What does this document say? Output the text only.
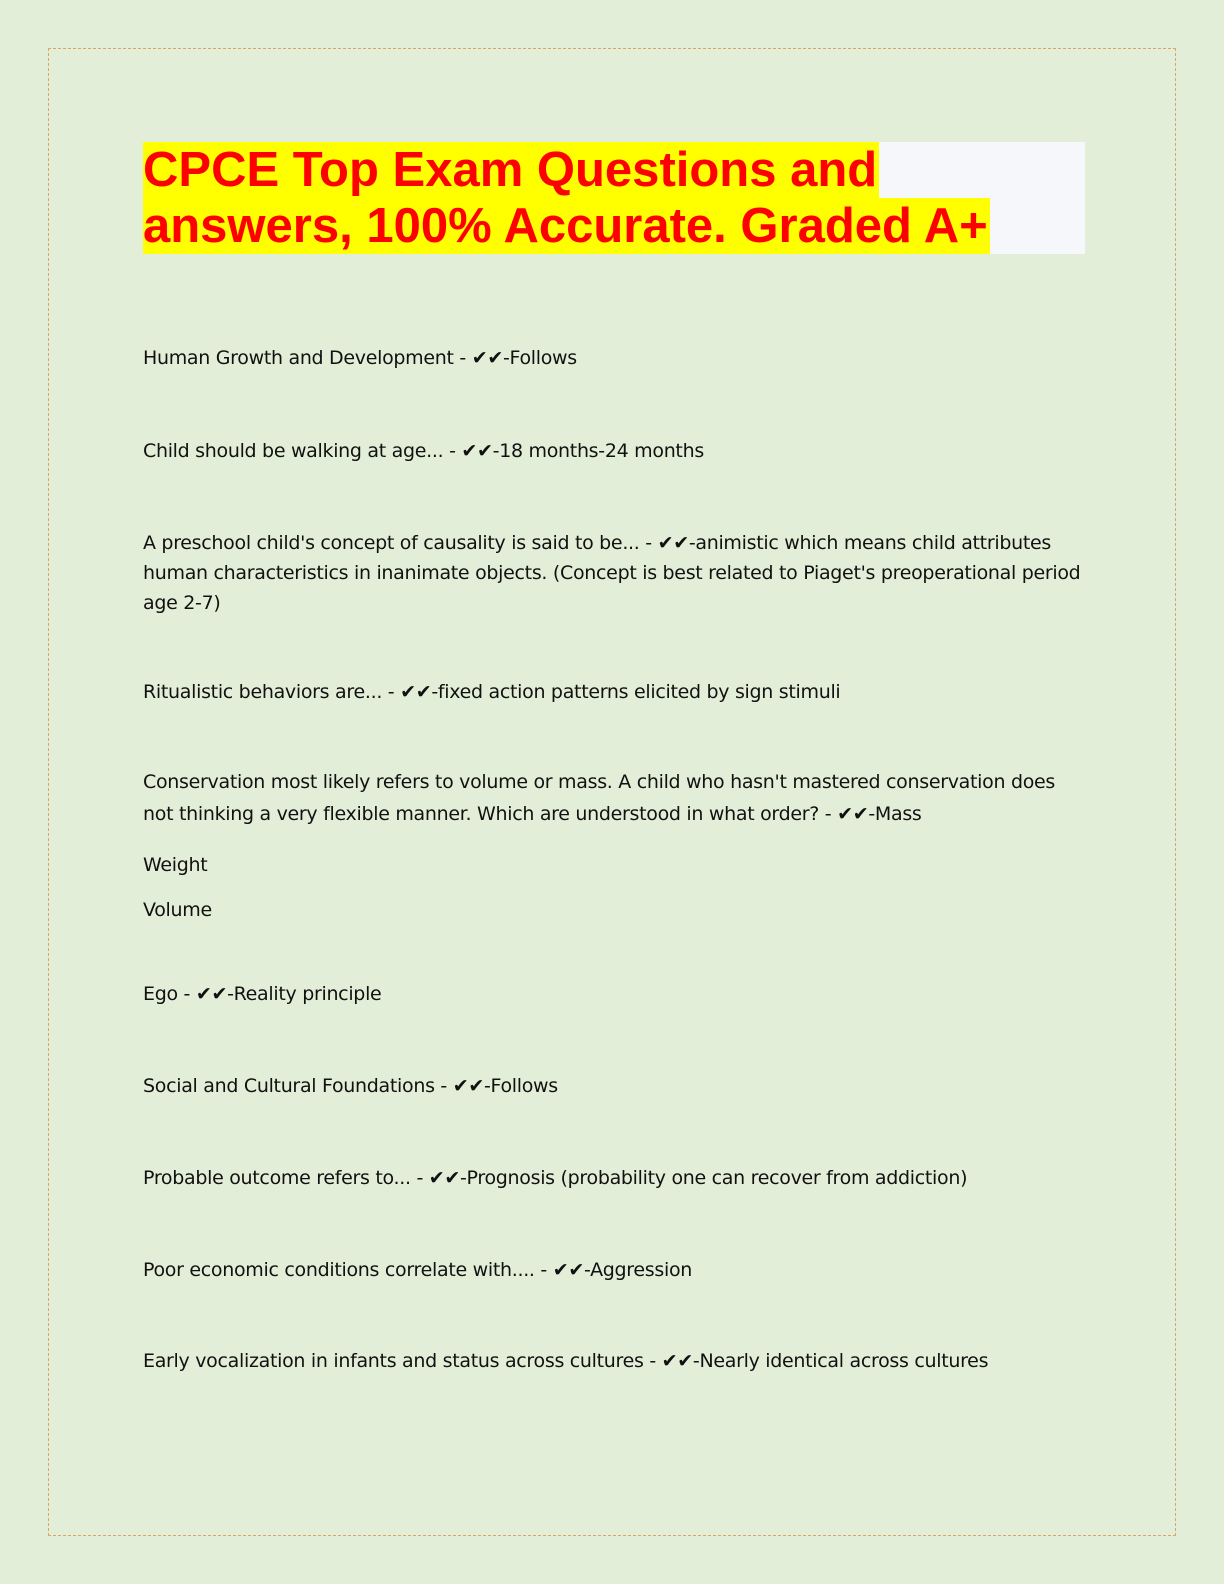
CPCE Top Exam Questions and
answers, 100% Accurate. Graded A+
Human Growth and Development - ✔✔-Follows
Child should be walking at age... - ✔✔-18 months-24 months
A preschool child's concept of causality is said to be... - ✔✔-animistic which means child attributes human characteristics in inanimate objects. (Concept is best related to Piaget's preoperational period age 2-7)
Ritualistic behaviors are... - ✔✔-fixed action patterns elicited by sign stimuli
Conservation most likely refers to volume or mass. A child who hasn't mastered conservation does not thinking a very flexible manner. Which are understood in what order? - ✔✔-Mass
Weight
Volume
Ego - ✔✔-Reality principle
Social and Cultural Foundations - ✔✔-Follows
Probable outcome refers to... - ✔✔-Prognosis (probability one can recover from addiction)
Poor economic conditions correlate with.... - ✔✔-Aggression
Early vocalization in infants and status across cultures - ✔✔-Nearly identical across cultures
